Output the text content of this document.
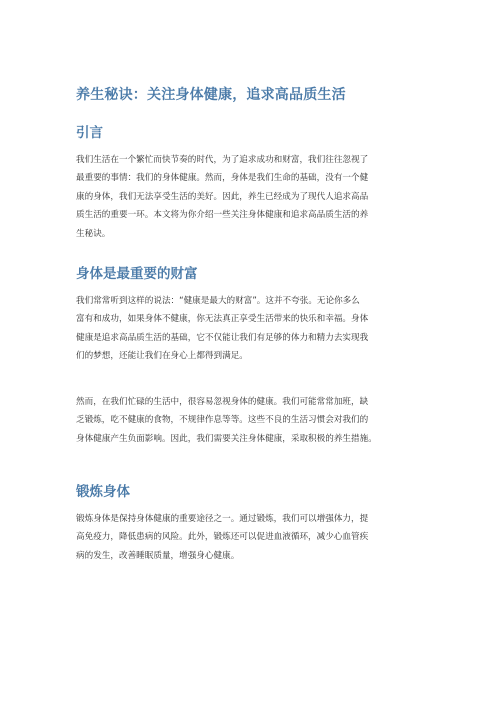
养生秘诀：关注身体健康，追求高品质生活
引言
我们生活在一个繁忙而快节奏的时代，为了追求成功和财富，我们往往忽视了
最重要的事情：我们的身体健康。然而，身体是我们生命的基础，没有一个健
康的身体，我们无法享受生活的美好。因此，养生已经成为了现代人追求高品
质生活的重要一环。本文将为你介绍一些关注身体健康和追求高品质生活的养
生秘诀。
身体是最重要的财富
我们常常听到这样的说法：“健康是最大的财富”。这并不夸张。无论你多么
富有和成功，如果身体不健康，你无法真正享受生活带来的快乐和幸福。身体
健康是追求高品质生活的基础，它不仅能让我们有足够的体力和精力去实现我
们的梦想，还能让我们在身心上都得到满足。
然而，在我们忙碌的生活中，很容易忽视身体的健康。我们可能常常加班，缺
乏锻炼，吃不健康的食物，不规律作息等等。这些不良的生活习惯会对我们的
身体健康产生负面影响。因此，我们需要关注身体健康，采取积极的养生措施。
锻炼身体
锻炼身体是保持身体健康的重要途径之一。通过锻炼，我们可以增强体力，提
高免疫力，降低患病的风险。此外，锻炼还可以促进血液循环，减少心血管疾
病的发生，改善睡眠质量，增强身心健康。
